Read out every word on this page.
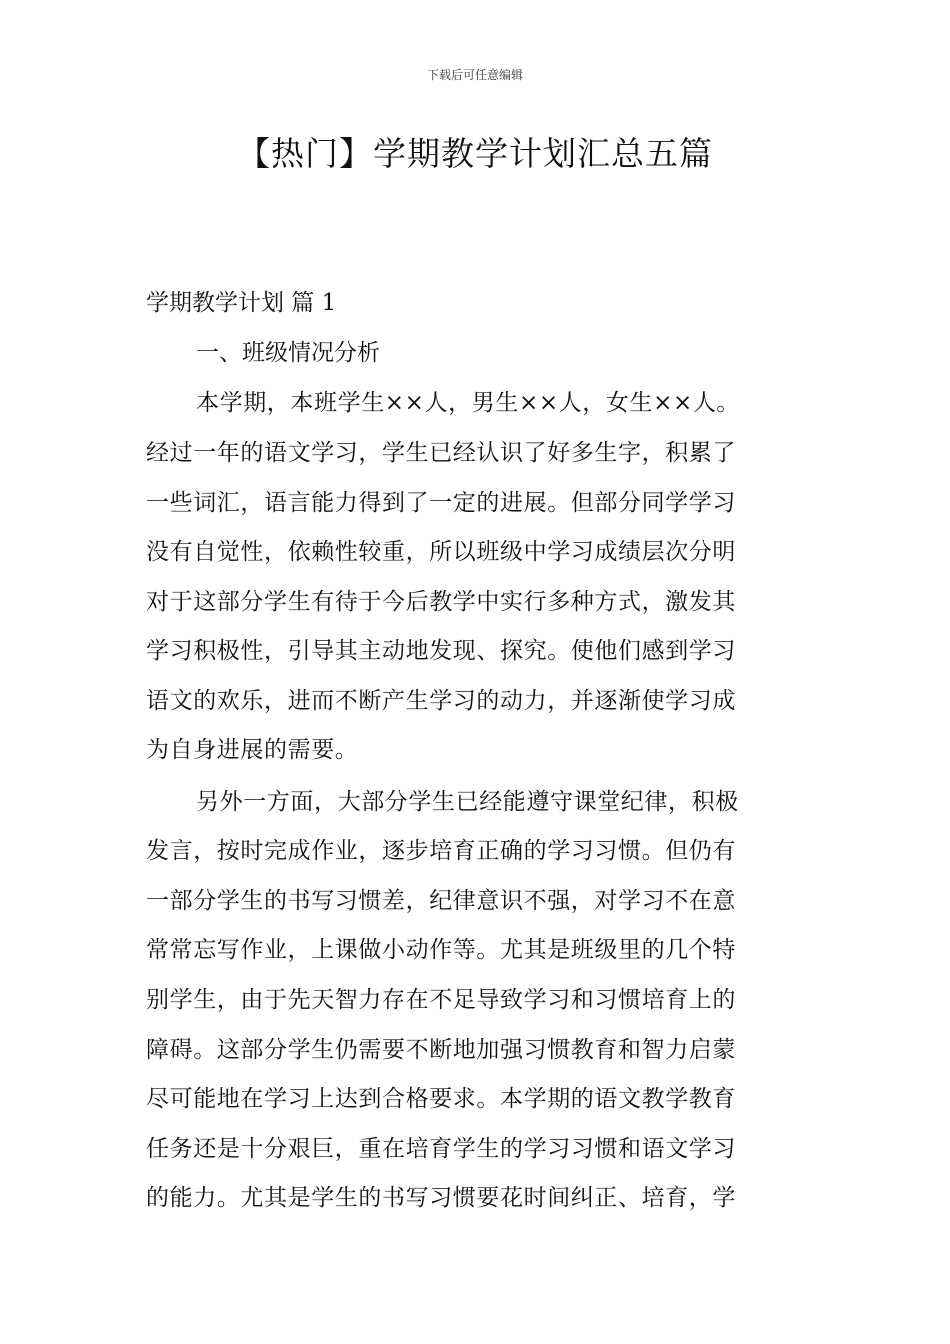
下载后可任意编辑
【热门】学期教学计划汇总五篇
学期教学计划 篇 1
一、班级情况分析
本学期，本班学生××人，男生××人，女生××人。
经过一年的语文学习，学生已经认识了好多生字，积累了
一些词汇，语言能力得到了一定的进展。但部分同学学习
没有自觉性，依赖性较重，所以班级中学习成绩层次分明
对于这部分学生有待于今后教学中实行多种方式，激发其
学习积极性，引导其主动地发现、探究。使他们感到学习
语文的欢乐，进而不断产生学习的动力，并逐渐使学习成
为自身进展的需要。
另外一方面，大部分学生已经能遵守课堂纪律，积极
发言，按时完成作业，逐步培育正确的学习习惯。但仍有
一部分学生的书写习惯差，纪律意识不强，对学习不在意
常常忘写作业，上课做小动作等。尤其是班级里的几个特
别学生，由于先天智力存在不足导致学习和习惯培育上的
障碍。这部分学生仍需要不断地加强习惯教育和智力启蒙
尽可能地在学习上达到合格要求。本学期的语文教学教育
任务还是十分艰巨，重在培育学生的学习习惯和语文学习
的能力。尤其是学生的书写习惯要花时间纠正、培育，学
